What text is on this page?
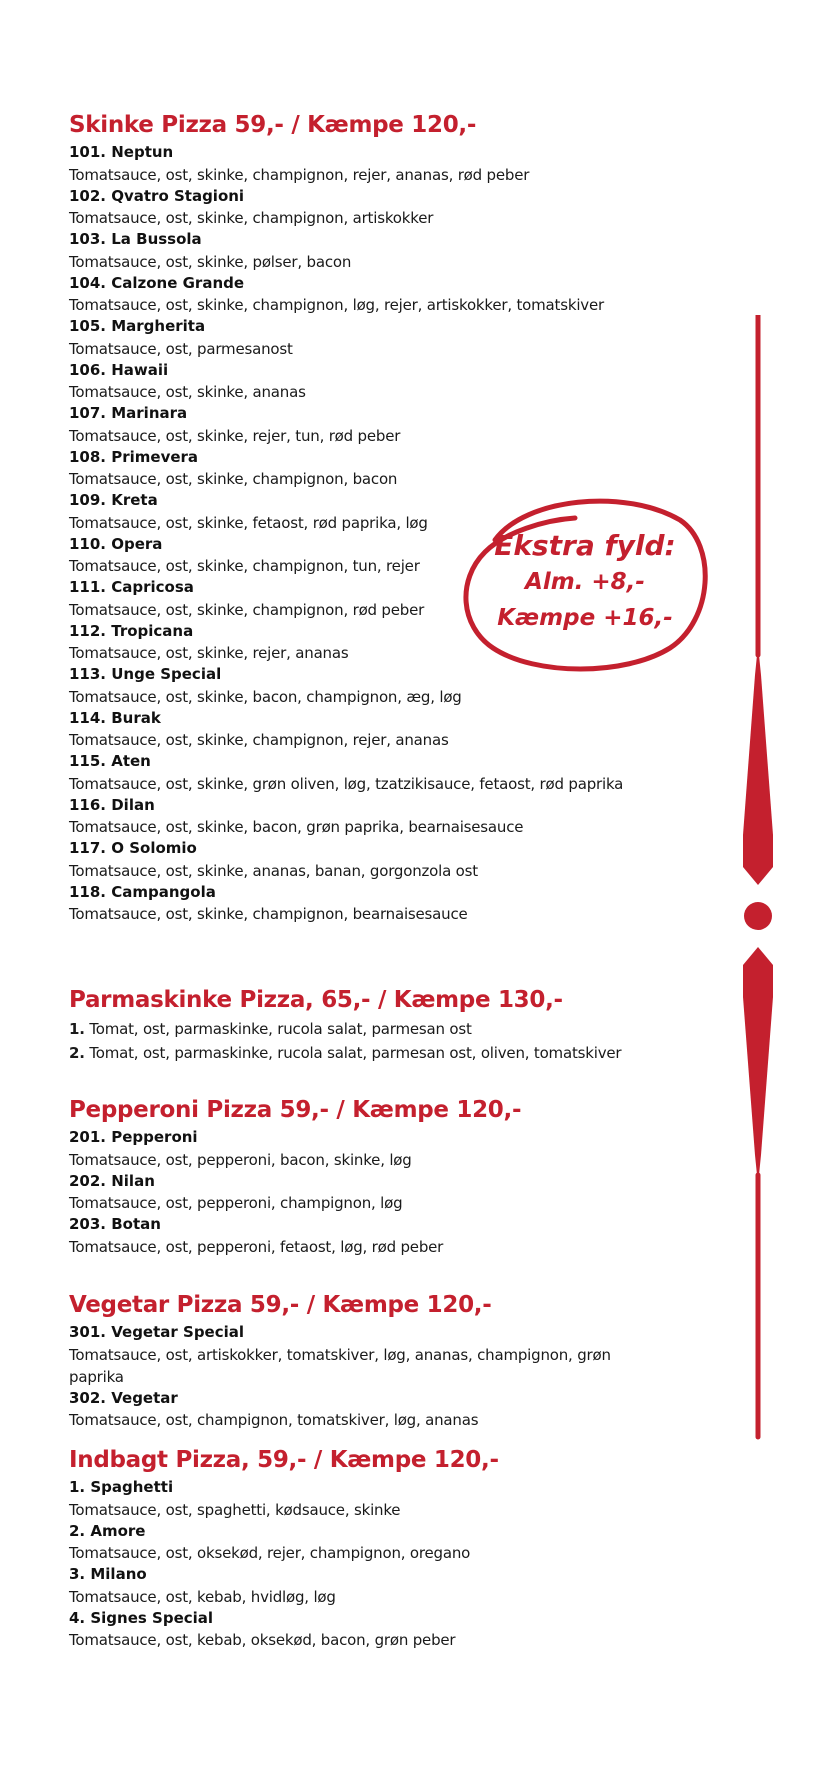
Skinke Pizza 59,- / Kæmpe 120,-
101. Neptun
Tomatsauce, ost, skinke, champignon, rejer, ananas, rød peber
102. Qvatro Stagioni
Tomatsauce, ost, skinke, champignon, artiskokker
103. La Bussola
Tomatsauce, ost, skinke, pølser, bacon
104. Calzone Grande
Tomatsauce, ost, skinke, champignon, løg, rejer, artiskokker, tomatskiver
105. Margherita
Tomatsauce, ost, parmesanost
106. Hawaii
Tomatsauce, ost, skinke, ananas
107. Marinara
Tomatsauce, ost, skinke, rejer, tun, rød peber
108. Primevera
Tomatsauce, ost, skinke, champignon, bacon
109. Kreta
Tomatsauce, ost, skinke, fetaost, rød paprika, løg
110. Opera
Tomatsauce, ost, skinke, champignon, tun, rejer
111. Capricosa
Tomatsauce, ost, skinke, champignon, rød peber
112. Tropicana
Tomatsauce, ost, skinke, rejer, ananas
113. Unge Special
Tomatsauce, ost, skinke, bacon, champignon, æg, løg
114. Burak
Tomatsauce, ost, skinke, champignon, rejer, ananas
115. Aten
Tomatsauce, ost, skinke, grøn oliven, løg, tzatzikisauce, fetaost, rød paprika
116. Dilan
Tomatsauce, ost, skinke, bacon, grøn paprika, bearnaisesauce
117. O Solomio
Tomatsauce, ost, skinke, ananas, banan, gorgonzola ost
118. Campangola
Tomatsauce, ost, skinke, champignon, bearnaisesauce
Parmaskinke Pizza, 65,- / Kæmpe 130,-
1. Tomat, ost, parmaskinke, rucola salat, parmesan ost
2. Tomat, ost, parmaskinke, rucola salat, parmesan ost, oliven, tomatskiver
Pepperoni Pizza 59,- / Kæmpe 120,-
201. Pepperoni
Tomatsauce, ost, pepperoni, bacon, skinke, løg
202. Nilan
Tomatsauce, ost, pepperoni, champignon, løg
203. Botan
Tomatsauce, ost, pepperoni, fetaost, løg, rød peber
Vegetar Pizza 59,- / Kæmpe 120,-
301. Vegetar Special
Tomatsauce, ost, artiskokker, tomatskiver, løg, ananas, champignon, grøn paprika
302. Vegetar
Tomatsauce, ost, champignon, tomatskiver, løg, ananas
Indbagt Pizza, 59,- / Kæmpe 120,-
1. Spaghetti
Tomatsauce, ost, spaghetti, kødsauce, skinke
2. Amore
Tomatsauce, ost, oksekød, rejer, champignon, oregano
3. Milano
Tomatsauce, ost, kebab, hvidløg, løg
4. Signes Special
Tomatsauce, ost, kebab, oksekød, bacon, grøn peber
Ekstra fyld:
Alm. +8,-
Kæmpe +16,-
